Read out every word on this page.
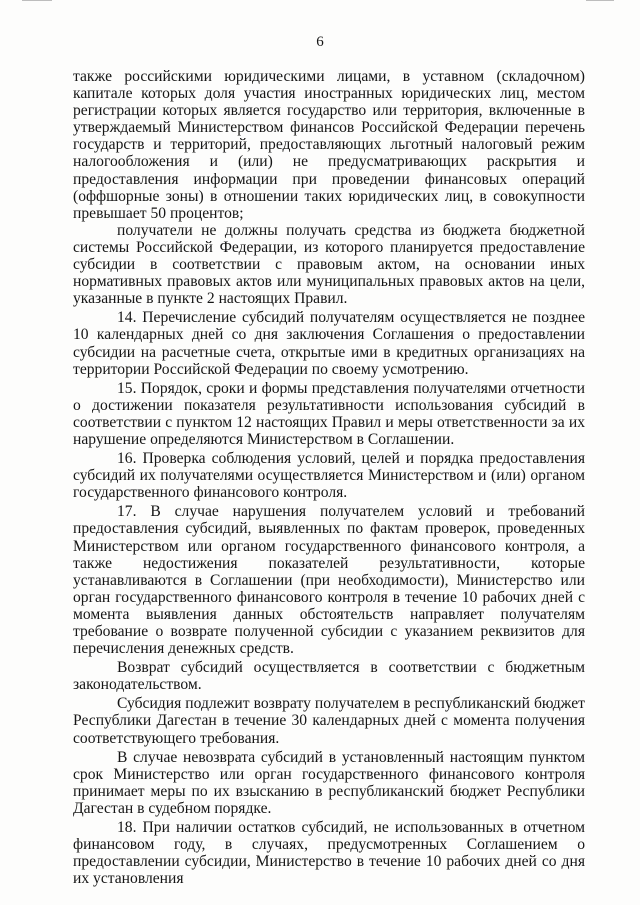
6

также российскими юридическими лицами, в уставном (складочном) капитале которых доля участия иностранных юридических лиц, местом регистрации которых является государство или территория, включенные в утверждаемый Министерством финансов Российской Федерации перечень государств и территорий, предоставляющих льготный налоговый режим налогообложения и (или) не предусматривающих раскрытия и предоставления информации при проведении финансовых операций (оффшорные зоны) в отношении таких юридических лиц, в совокупности превышает 50 процентов;

получатели не должны получать средства из бюджета бюджетной системы Российской Федерации, из которого планируется предоставление субсидии в соответствии с правовым актом, на основании иных нормативных правовых актов или муниципальных правовых актов на цели, указанные в пункте 2 настоящих Правил.

14. Перечисление субсидий получателям осуществляется не позднее 10 календарных дней со дня заключения Соглашения о предоставлении субсидии на расчетные счета, открытые ими в кредитных организациях на территории Российской Федерации по своему усмотрению.

15. Порядок, сроки и формы представления получателями отчетности о достижении показателя результативности использования субсидий в соответствии с пунктом 12 настоящих Правил и меры ответственности за их нарушение определяются Министерством в Соглашении.

16. Проверка соблюдения условий, целей и порядка предоставления субсидий их получателями осуществляется Министерством и (или) органом государственного финансового контроля.

17. В случае нарушения получателем условий и требований предоставления субсидий, выявленных по фактам проверок, проведенных Министерством или органом государственного финансового контроля, а также недостижения показателей результативности, которые устанавливаются в Соглашении (при необходимости), Министерство или орган государственного финансового контроля в течение 10 рабочих дней с момента выявления данных обстоятельств направляет получателям требование о возврате полученной субсидии с указанием реквизитов для перечисления денежных средств.

Возврат субсидий осуществляется в соответствии с бюджетным законодательством.

Субсидия подлежит возврату получателем в республиканский бюджет Республики Дагестан в течение 30 календарных дней с момента получения соответствующего требования.

В случае невозврата субсидий в установленный настоящим пунктом срок Министерство или орган государственного финансового контроля принимает меры по их взысканию в республиканский бюджет Республики Дагестан в судебном порядке.

18. При наличии остатков субсидий, не использованных в отчетном финансовом году, в случаях, предусмотренных Соглашением о предоставлении субсидии, Министерство в течение 10 рабочих дней со дня их установления
